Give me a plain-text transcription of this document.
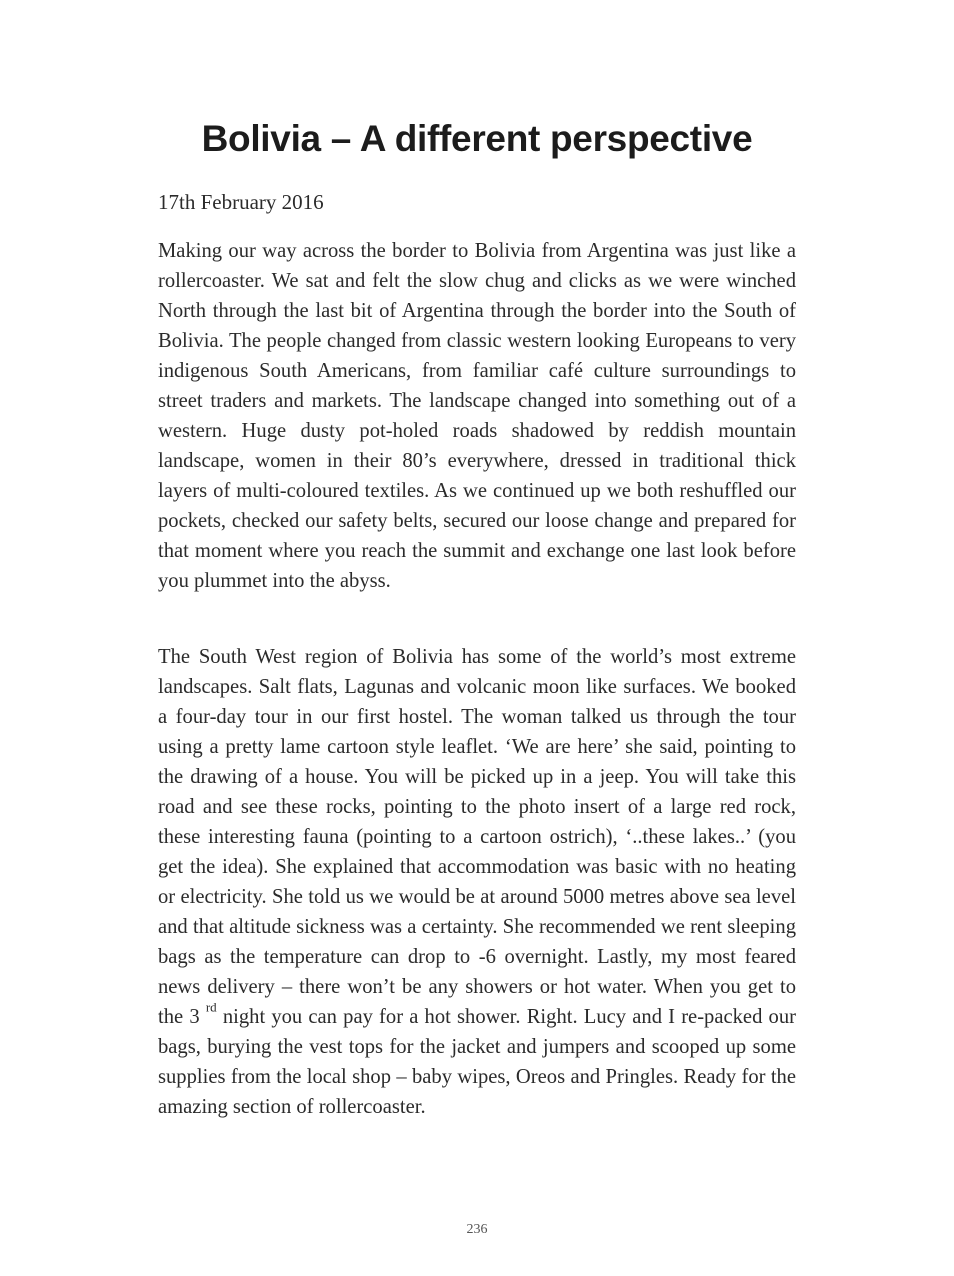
Bolivia – A different perspective

17th February 2016

Making our way across the border to Bolivia from Argentina was just like a rollercoaster. We sat and felt the slow chug and clicks as we were winched North through the last bit of Argentina through the border into the South of Bolivia. The people changed from classic western looking Europeans to very indigenous South Americans, from familiar café culture surroundings to street traders and markets. The landscape changed into something out of a western. Huge dusty pot-holed roads shadowed by reddish mountain landscape, women in their 80’s everywhere, dressed in traditional thick layers of multi-coloured textiles. As we continued up we both reshuffled our pockets, checked our safety belts, secured our loose change and prepared for that moment where you reach the summit and exchange one last look before you plummet into the abyss.

The South West region of Bolivia has some of the world’s most extreme landscapes. Salt flats, Lagunas and volcanic moon like surfaces. We booked a four-day tour in our first hostel. The woman talked us through the tour using a pretty lame cartoon style leaflet. ‘We are here’ she said, pointing to the drawing of a house. You will be picked up in a jeep. You will take this road and see these rocks, pointing to the photo insert of a large red rock, these interesting fauna (pointing to a cartoon ostrich), ‘..these lakes..’ (you get the idea). She explained that accommodation was basic with no heating or electricity. She told us we would be at around 5000 metres above sea level and that altitude sickness was a certainty. She recommended we rent sleeping bags as the temperature can drop to -6 overnight. Lastly, my most feared news delivery – there won’t be any showers or hot water. When you get to the 3 $^{rd}$ night you can pay for a hot shower. Right. Lucy and I re-packed our bags, burying the vest tops for the jacket and jumpers and scooped up some supplies from the local shop – baby wipes, Oreos and Pringles. Ready for the amazing section of rollercoaster.

236
